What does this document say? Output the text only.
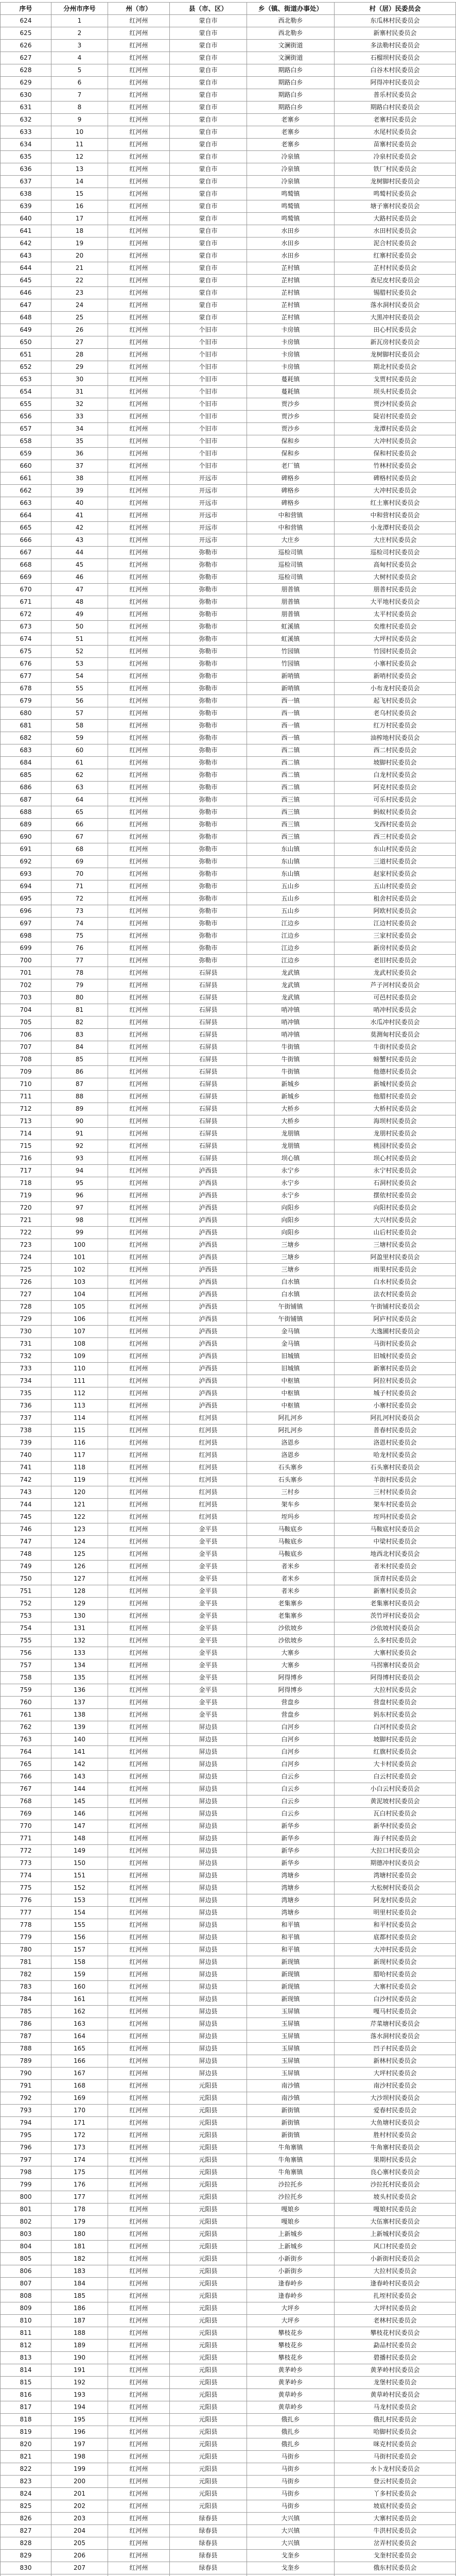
序号	分州市序号	州（市）	县（市、区）	乡（镇、街道办事处）	村（居）民委员会
624	1	红河州	蒙自市	西北勒乡	东瓜林村民委员会
625	2	红河州	蒙自市	西北勒乡	新寨村民委员会
626	3	红河州	蒙自市	文澜街道	多法勒村民委员会
627	4	红河州	蒙自市	文澜街道	石榴坝村民委员会
628	5	红河州	蒙自市	期路白乡	白谷木村民委员会
629	6	红河州	蒙自市	期路白乡	阿得冲村民委员会
630	7	红河州	蒙自市	期路白乡	普乐村民委员会
631	8	红河州	蒙自市	期路白乡	期路白村民委员会
632	9	红河州	蒙自市	老寨乡	老寨村民委员会
633	10	红河州	蒙自市	老寨乡	水尾村民委员会
634	11	红河州	蒙自市	老寨乡	苗寨村民委员会
635	12	红河州	蒙自市	冷泉镇	冷泉村民委员会
636	13	红河州	蒙自市	冷泉镇	铁厂村民委员会
637	14	红河州	蒙自市	冷泉镇	龙树脚村民委员会
638	15	红河州	蒙自市	鸣鹫镇	鸣鹫村民委员会
639	16	红河州	蒙自市	鸣鹫镇	塘子寨村民委员会
640	17	红河州	蒙自市	鸣鹫镇	大路村民委员会
641	18	红河州	蒙自市	水田乡	水田村民委员会
642	19	红河州	蒙自市	水田乡	泥合村民委员会
643	20	红河州	蒙自市	水田乡	红寨村民委员会
644	21	红河州	蒙自市	芷村镇	芷村村民委员会
645	22	红河州	蒙自市	芷村镇	查尼皮村民委员会
646	23	红河州	蒙自市	芷村镇	锡腊村民委员会
647	24	红河州	蒙自市	芷村镇	落水洞村民委员会
648	25	红河州	蒙自市	芷村镇	大黑冲村民委员会
649	26	红河州	个旧市	卡房镇	田心村民委员会
650	27	红河州	个旧市	卡房镇	新瓦房村民委员会
651	28	红河州	个旧市	卡房镇	龙树脚村民委员会
652	29	红河州	个旧市	卡房镇	期北村民委员会
653	30	红河州	个旧市	蔓耗镇	戈贾村民委员会
654	31	红河州	个旧市	蔓耗镇	坝头村民委员会
655	32	红河州	个旧市	贾沙乡	贾沙村民委员会
656	33	红河州	个旧市	贾沙乡	陡岩村民委员会
657	34	红河州	个旧市	贾沙乡	龙潭村民委员会
658	35	红河州	个旧市	保和乡	大冲村民委员会
659	36	红河州	个旧市	保和乡	保和村民委员会
660	37	红河州	个旧市	老厂镇	竹林村民委员会
661	38	红河州	开远市	碑格乡	碑格村民委员会
662	39	红河州	开远市	碑格乡	大冲村民委员会
663	40	红河州	开远市	碑格乡	红土寨村民委员会
664	41	红河州	开远市	中和营镇	中和营村民委员会
665	42	红河州	开远市	中和营镇	小龙潭村民委员会
666	43	红河州	开远市	大庄乡	大庄村民委员会
667	44	红河州	弥勒市	巡检司镇	巡检司村民委员会
668	45	红河州	弥勒市	巡检司镇	高甸村民委员会
669	46	红河州	弥勒市	巡检司镇	大树村民委员会
670	47	红河州	弥勒市	朋普镇	朋普村民委员会
671	48	红河州	弥勒市	朋普镇	大平地村民委员会
672	49	红河州	弥勒市	朋普镇	太平村民委员会
673	50	红河州	弥勒市	虹溪镇	矣维村民委员会
674	51	红河州	弥勒市	虹溪镇	大坪村民委员会
675	52	红河州	弥勒市	竹园镇	竹园村民委员会
676	53	红河州	弥勒市	竹园镇	小寨村民委员会
677	54	红河州	弥勒市	新哨镇	新哨村民委员会
678	55	红河州	弥勒市	新哨镇	小布龙村民委员会
679	56	红河州	弥勒市	西一镇	起飞村民委员会
680	57	红河州	弥勒市	西一镇	老乌村民委员会
681	58	红河州	弥勒市	西一镇	红万村民委员会
682	59	红河州	弥勒市	西一镇	油榨地村民委员会
683	60	红河州	弥勒市	西二镇	西二村民委员会
684	61	红河州	弥勒市	西二镇	坡脚村民委员会
685	62	红河州	弥勒市	西二镇	白龙村民委员会
686	63	红河州	弥勒市	西二镇	阿克村民委员会
687	64	红河州	弥勒市	西三镇	可乐村民委员会
688	65	红河州	弥勒市	西三镇	蚂蚁村民委员会
689	66	红河州	弥勒市	西三镇	戈西村民委员会
690	67	红河州	弥勒市	西三镇	西三村民委员会
691	68	红河州	弥勒市	东山镇	东山村民委员会
692	69	红河州	弥勒市	东山镇	三道村民委员会
693	70	红河州	弥勒市	东山镇	赵家村民委员会
694	71	红河州	弥勒市	五山乡	五山村民委员会
695	72	红河州	弥勒市	五山乡	租舍村民委员会
696	73	红河州	弥勒市	五山乡	阿欧村民委员会
697	74	红河州	弥勒市	江边乡	江边村民委员会
698	75	红河州	弥勒市	江边乡	三家村民委员会
699	76	红河州	弥勒市	江边乡	新房村民委员会
700	77	红河州	弥勒市	江边乡	老旧村民委员会
701	78	红河州	石屏县	龙武镇	龙武村民委员会
702	79	红河州	石屏县	龙武镇	芦子河村民委员会
703	80	红河州	石屏县	龙武镇	可邑村民委员会
704	81	红河州	石屏县	哨冲镇	哨冲村民委员会
705	82	红河州	石屏县	哨冲镇	水瓜冲村民委员会
706	83	红河州	石屏县	哨冲镇	莫测甸村民委员会
707	84	红河州	石屏县	牛街镇	牛街村民委员会
708	85	红河州	石屏县	牛街镇	螃蟹村民委员会
709	86	红河州	石屏县	牛街镇	他德村民委员会
710	87	红河州	石屏县	新城乡	新城村民委员会
711	88	红河州	石屏县	新城乡	他腊村民委员会
712	89	红河州	石屏县	大桥乡	大桥村民委员会
713	90	红河州	石屏县	大桥乡	海坝村民委员会
714	91	红河州	石屏县	龙朋镇	龙朋村民委员会
715	92	红河州	石屏县	龙朋镇	桃园村民委员会
716	93	红河州	石屏县	坝心镇	坝心村民委员会
717	94	红河州	泸西县	永宁乡	永宁村民委员会
718	95	红河州	泸西县	永宁乡	石洞村民委员会
719	96	红河州	泸西县	永宁乡	摆依村民委员会
720	97	红河州	泸西县	向阳乡	向阳村民委员会
721	98	红河州	泸西县	向阳乡	大兴村民委员会
722	99	红河州	泸西县	向阳乡	山后村民委员会
723	100	红河州	泸西县	三塘乡	三塘村民委员会
724	101	红河州	泸西县	三塘乡	阿盈里村民委员会
725	102	红河州	泸西县	三塘乡	雨果村民委员会
726	103	红河州	泸西县	白水镇	白水村民委员会
727	104	红河州	泸西县	白水镇	法衣村民委员会
728	105	红河州	泸西县	午街铺镇	午街铺村民委员会
729	106	红河州	泸西县	午街铺镇	阿庐村民委员会
730	107	红河州	泸西县	金马镇	大逸圃村民委员会
731	108	红河州	泸西县	金马镇	马街村民委员会
732	109	红河州	泸西县	旧城镇	旧城村民委员会
733	110	红河州	泸西县	旧城镇	新寨村民委员会
734	111	红河州	泸西县	中枢镇	阿拉村民委员会
735	112	红河州	泸西县	中枢镇	城子村民委员会
736	113	红河州	泸西县	中枢镇	小寨村民委员会
737	114	红河州	红河县	阿扎河乡	阿扎河村民委员会
738	115	红河州	红河县	阿扎河乡	普春村民委员会
739	116	红河州	红河县	洛恩乡	洛恩村民委员会
740	117	红河州	红河县	洛恩乡	哈龙村民委员会
741	118	红河州	红河县	石头寨乡	石头寨村民委员会
742	119	红河州	红河县	石头寨乡	羊街村民委员会
743	120	红河州	红河县	三村乡	三村村民委员会
744	121	红河州	红河县	架车乡	架车村民委员会
745	122	红河州	红河县	垤玛乡	垤玛村民委员会
746	123	红河州	金平县	马鞍底乡	马鞍底村民委员会
747	124	红河州	金平县	马鞍底乡	中梁村民委员会
748	125	红河州	金平县	马鞍底乡	地西北村民委员会
749	126	红河州	金平县	者米乡	者米村民委员会
750	127	红河州	金平县	者米乡	顶青村民委员会
751	128	红河州	金平县	者米乡	新寨村民委员会
752	129	红河州	金平县	老集寨乡	老集寨村民委员会
753	130	红河州	金平县	老集寨乡	茨竹坪村民委员会
754	131	红河州	金平县	沙依坡乡	沙依坡村民委员会
755	132	红河州	金平县	沙依坡乡	么多村民委员会
756	133	红河州	金平县	大寨乡	大寨村民委员会
757	134	红河州	金平县	大寨乡	马拐寨村民委员会
758	135	红河州	金平县	阿得博乡	阿得博村民委员会
759	136	红河州	金平县	阿得博乡	大拉村民委员会
760	137	红河州	金平县	营盘乡	营盘村民委员会
761	138	红河州	金平县	营盘乡	妈东村民委员会
762	139	红河州	屏边县	白河乡	白河村民委员会
763	140	红河州	屏边县	白河乡	坡脚村民委员会
764	141	红河州	屏边县	白河乡	红旗村民委员会
765	142	红河州	屏边县	白河乡	大卡村民委员会
766	143	红河州	屏边县	白云乡	白云村民委员会
767	144	红河州	屏边县	白云乡	小白云村民委员会
768	145	红河州	屏边县	白云乡	黄泥坡村民委员会
769	146	红河州	屏边县	白云乡	瓦白村民委员会
770	147	红河州	屏边县	新华乡	新华村民委员会
771	148	红河州	屏边县	新华乡	海子村民委员会
772	149	红河州	屏边县	新华乡	大拉口村民委员会
773	150	红河州	屏边县	新华乡	期德冲村民委员会
774	151	红河州	屏边县	湾塘乡	湾塘村民委员会
775	152	红河州	屏边县	湾塘乡	大松树村民委员会
776	153	红河州	屏边县	湾塘乡	阿龙村民委员会
777	154	红河州	屏边县	湾塘乡	明里村民委员会
778	155	红河州	屏边县	和平镇	和平村民委员会
779	156	红河州	屏边县	和平镇	底都村民委员会
780	157	红河州	屏边县	和平镇	大冲村民委员会
781	158	红河州	屏边县	新现镇	新现村民委员会
782	159	红河州	屏边县	新现镇	腊哈村民委员会
783	160	红河州	屏边县	新现镇	大寨村民委员会
784	161	红河州	屏边县	新现镇	白沙村民委员会
785	162	红河州	屏边县	玉屏镇	嘎马村民委员会
786	163	红河州	屏边县	玉屏镇	芹菜塘村民委员会
787	164	红河州	屏边县	玉屏镇	落水洞村民委员会
788	165	红河州	屏边县	玉屏镇	凹子村民委员会
789	166	红河州	屏边县	玉屏镇	新林村民委员会
790	167	红河州	屏边县	玉屏镇	大坪村民委员会
791	168	红河州	元阳县	南沙镇	南沙村民委员会
792	169	红河州	元阳县	南沙镇	大沙坝村民委员会
793	170	红河州	元阳县	新街镇	爱春村民委员会
794	171	红河州	元阳县	新街镇	大鱼塘村民委员会
795	172	红河州	元阳县	新街镇	胜村村民委员会
796	173	红河州	元阳县	牛角寨镇	牛角寨村民委员会
797	174	红河州	元阳县	牛角寨镇	果期村民委员会
798	175	红河州	元阳县	牛角寨镇	良心寨村民委员会
799	176	红河州	元阳县	沙拉托乡	沙拉托村民委员会
800	177	红河州	元阳县	沙拉托乡	坡头村民委员会
801	178	红河州	元阳县	嘎娘乡	嘎娘村民委员会
802	179	红河州	元阳县	嘎娘乡	大伍寨村民委员会
803	180	红河州	元阳县	上新城乡	上新城村民委员会
804	181	红河州	元阳县	上新城乡	风口村民委员会
805	182	红河州	元阳县	小新街乡	小新街村民委员会
806	183	红河州	元阳县	小新街乡	大拉村民委员会
807	184	红河州	元阳县	逢春岭乡	逢春岭村民委员会
808	185	红河州	元阳县	逢春岭乡	扎垤村民委员会
809	186	红河州	元阳县	大坪乡	大坪村民委员会
810	187	红河州	元阳县	大坪乡	老林村民委员会
811	188	红河州	元阳县	攀枝花乡	攀枝花村民委员会
812	189	红河州	元阳县	攀枝花乡	勐品村民委员会
813	190	红河州	元阳县	攀枝花乡	碧播村民委员会
814	191	红河州	元阳县	黄茅岭乡	黄茅岭村民委员会
815	192	红河州	元阳县	黄茅岭乡	龙堡村民委员会
816	193	红河州	元阳县	黄草岭乡	黄草岭村民委员会
817	194	红河州	元阳县	黄草岭乡	马龙村民委员会
818	195	红河州	元阳县	俄扎乡	俄扎村民委员会
819	196	红河州	元阳县	俄扎乡	哈脚村民委员会
820	197	红河州	元阳县	俄扎乡	咪克村民委员会
821	198	红河州	元阳县	马街乡	马街村民委员会
822	199	红河州	元阳县	马街乡	水卜龙村民委员会
823	200	红河州	元阳县	马街乡	登云村民委员会
824	201	红河州	元阳县	马街乡	丫多村民委员会
825	202	红河州	元阳县	马街乡	坡底村民委员会
826	203	红河州	绿春县	大兴镇	大寨村民委员会
827	204	红河州	绿春县	大兴镇	牛洪村民委员会
828	205	红河州	绿春县	大兴镇	岔弄村民委员会
829	206	红河州	绿春县	戈奎乡	戈奎村民委员会
830	207	红河州	绿春县	戈奎乡	俄东村民委员会
